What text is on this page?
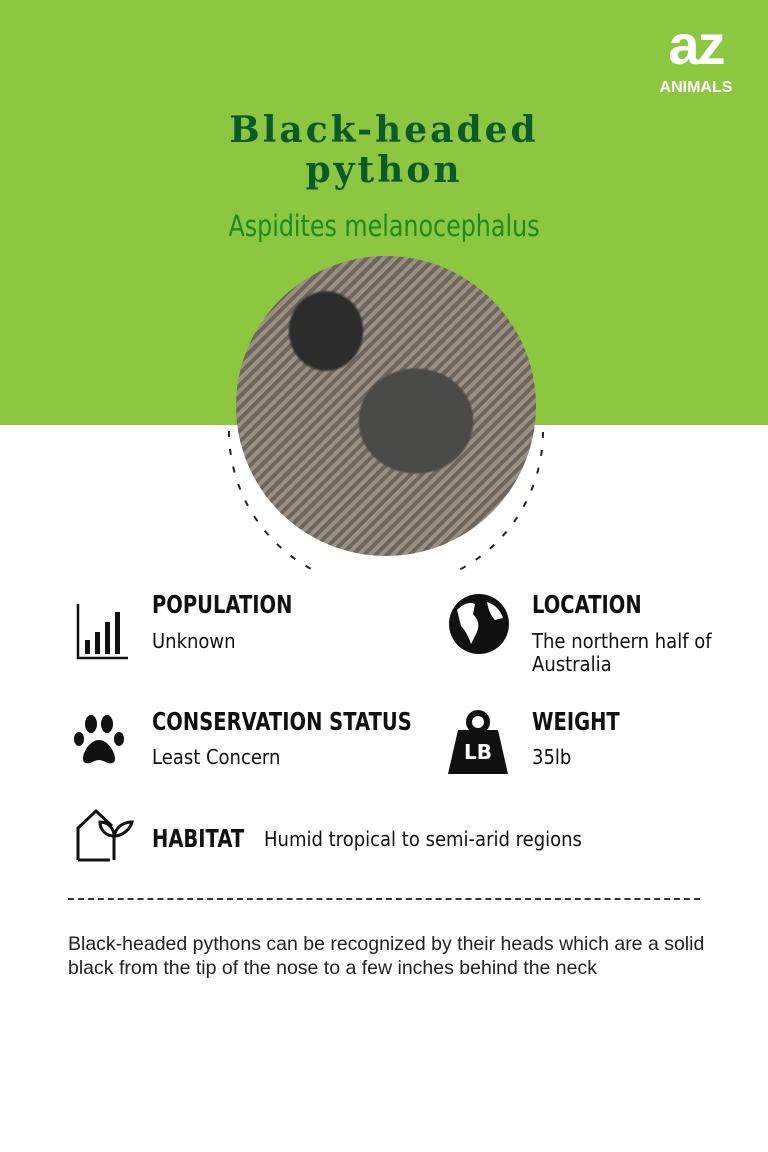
az
ANIMALS
Black-headed python
Aspidites melanocephalus
POPULATION
Unknown
LOCATION
The northern half of Australia
CONSERVATION STATUS
Least Concern	LB
WEIGHT
35lb
HABITAT Humid tropical to semi-arid regions
Black-headed pythons can be recognized by their heads which are a solid black from the tip of the nose to a few inches behind the neck
